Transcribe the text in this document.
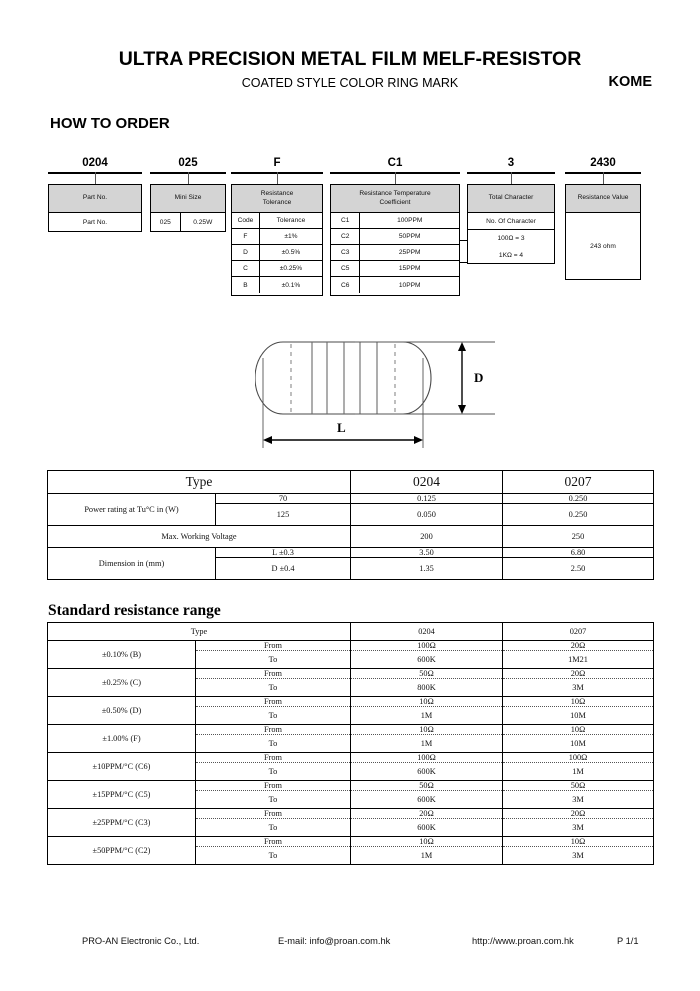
ULTRA PRECISION METAL FILM MELF-RESISTOR
COATED STYLE COLOR RING MARK	KOME
HOW TO ORDER
0204	025	F	C1	3	2430
Part No.
Part No.
Mini Size
025	0.25W
Resistance
Tolerance
Code	Tolerance
F	±1%
D	±0.5%
C	±0.25%
B	±0.1%
Resistance Temperature
Coefficient
C1	100PPM
C2	50PPM
C3	25PPM
C5	15PPM
C6	10PPM
Total Character
No. Of Character
100Ω = 3
1KΩ = 4
Resistance Value
243 ohm
D
L
Type		0204	0207
Power rating at Tu°C in (W)	70	0.125	0.250
	125	0.050	0.250
Max. Working Voltage		200	250
Dimension in (mm)	L ±0.3	3.50	6.80
	D ±0.4	1.35	2.50
Standard resistance range
Type		0204	0207
±0.10% (B)	From	100Ω	20Ω
	To	600K	1M21
±0.25% (C)	From	50Ω	20Ω
	To	800K	3M
±0.50% (D)	From	10Ω	10Ω
	To	1M	10M
±1.00% (F)	From	10Ω	10Ω
	To	1M	10M
±10PPM/°C (C6)	From	100Ω	100Ω
	To	600K	1M
±15PPM/°C (C5)	From	50Ω	50Ω
	To	600K	3M
±25PPM/°C (C3)	From	20Ω	20Ω
	To	600K	3M
±50PPM/°C (C2)	From	10Ω	10Ω
	To	1M	3M
PRO-AN Electronic Co., Ltd.	E-mail: info@proan.com.hk	http://www.proan.com.hk	P 1/1
